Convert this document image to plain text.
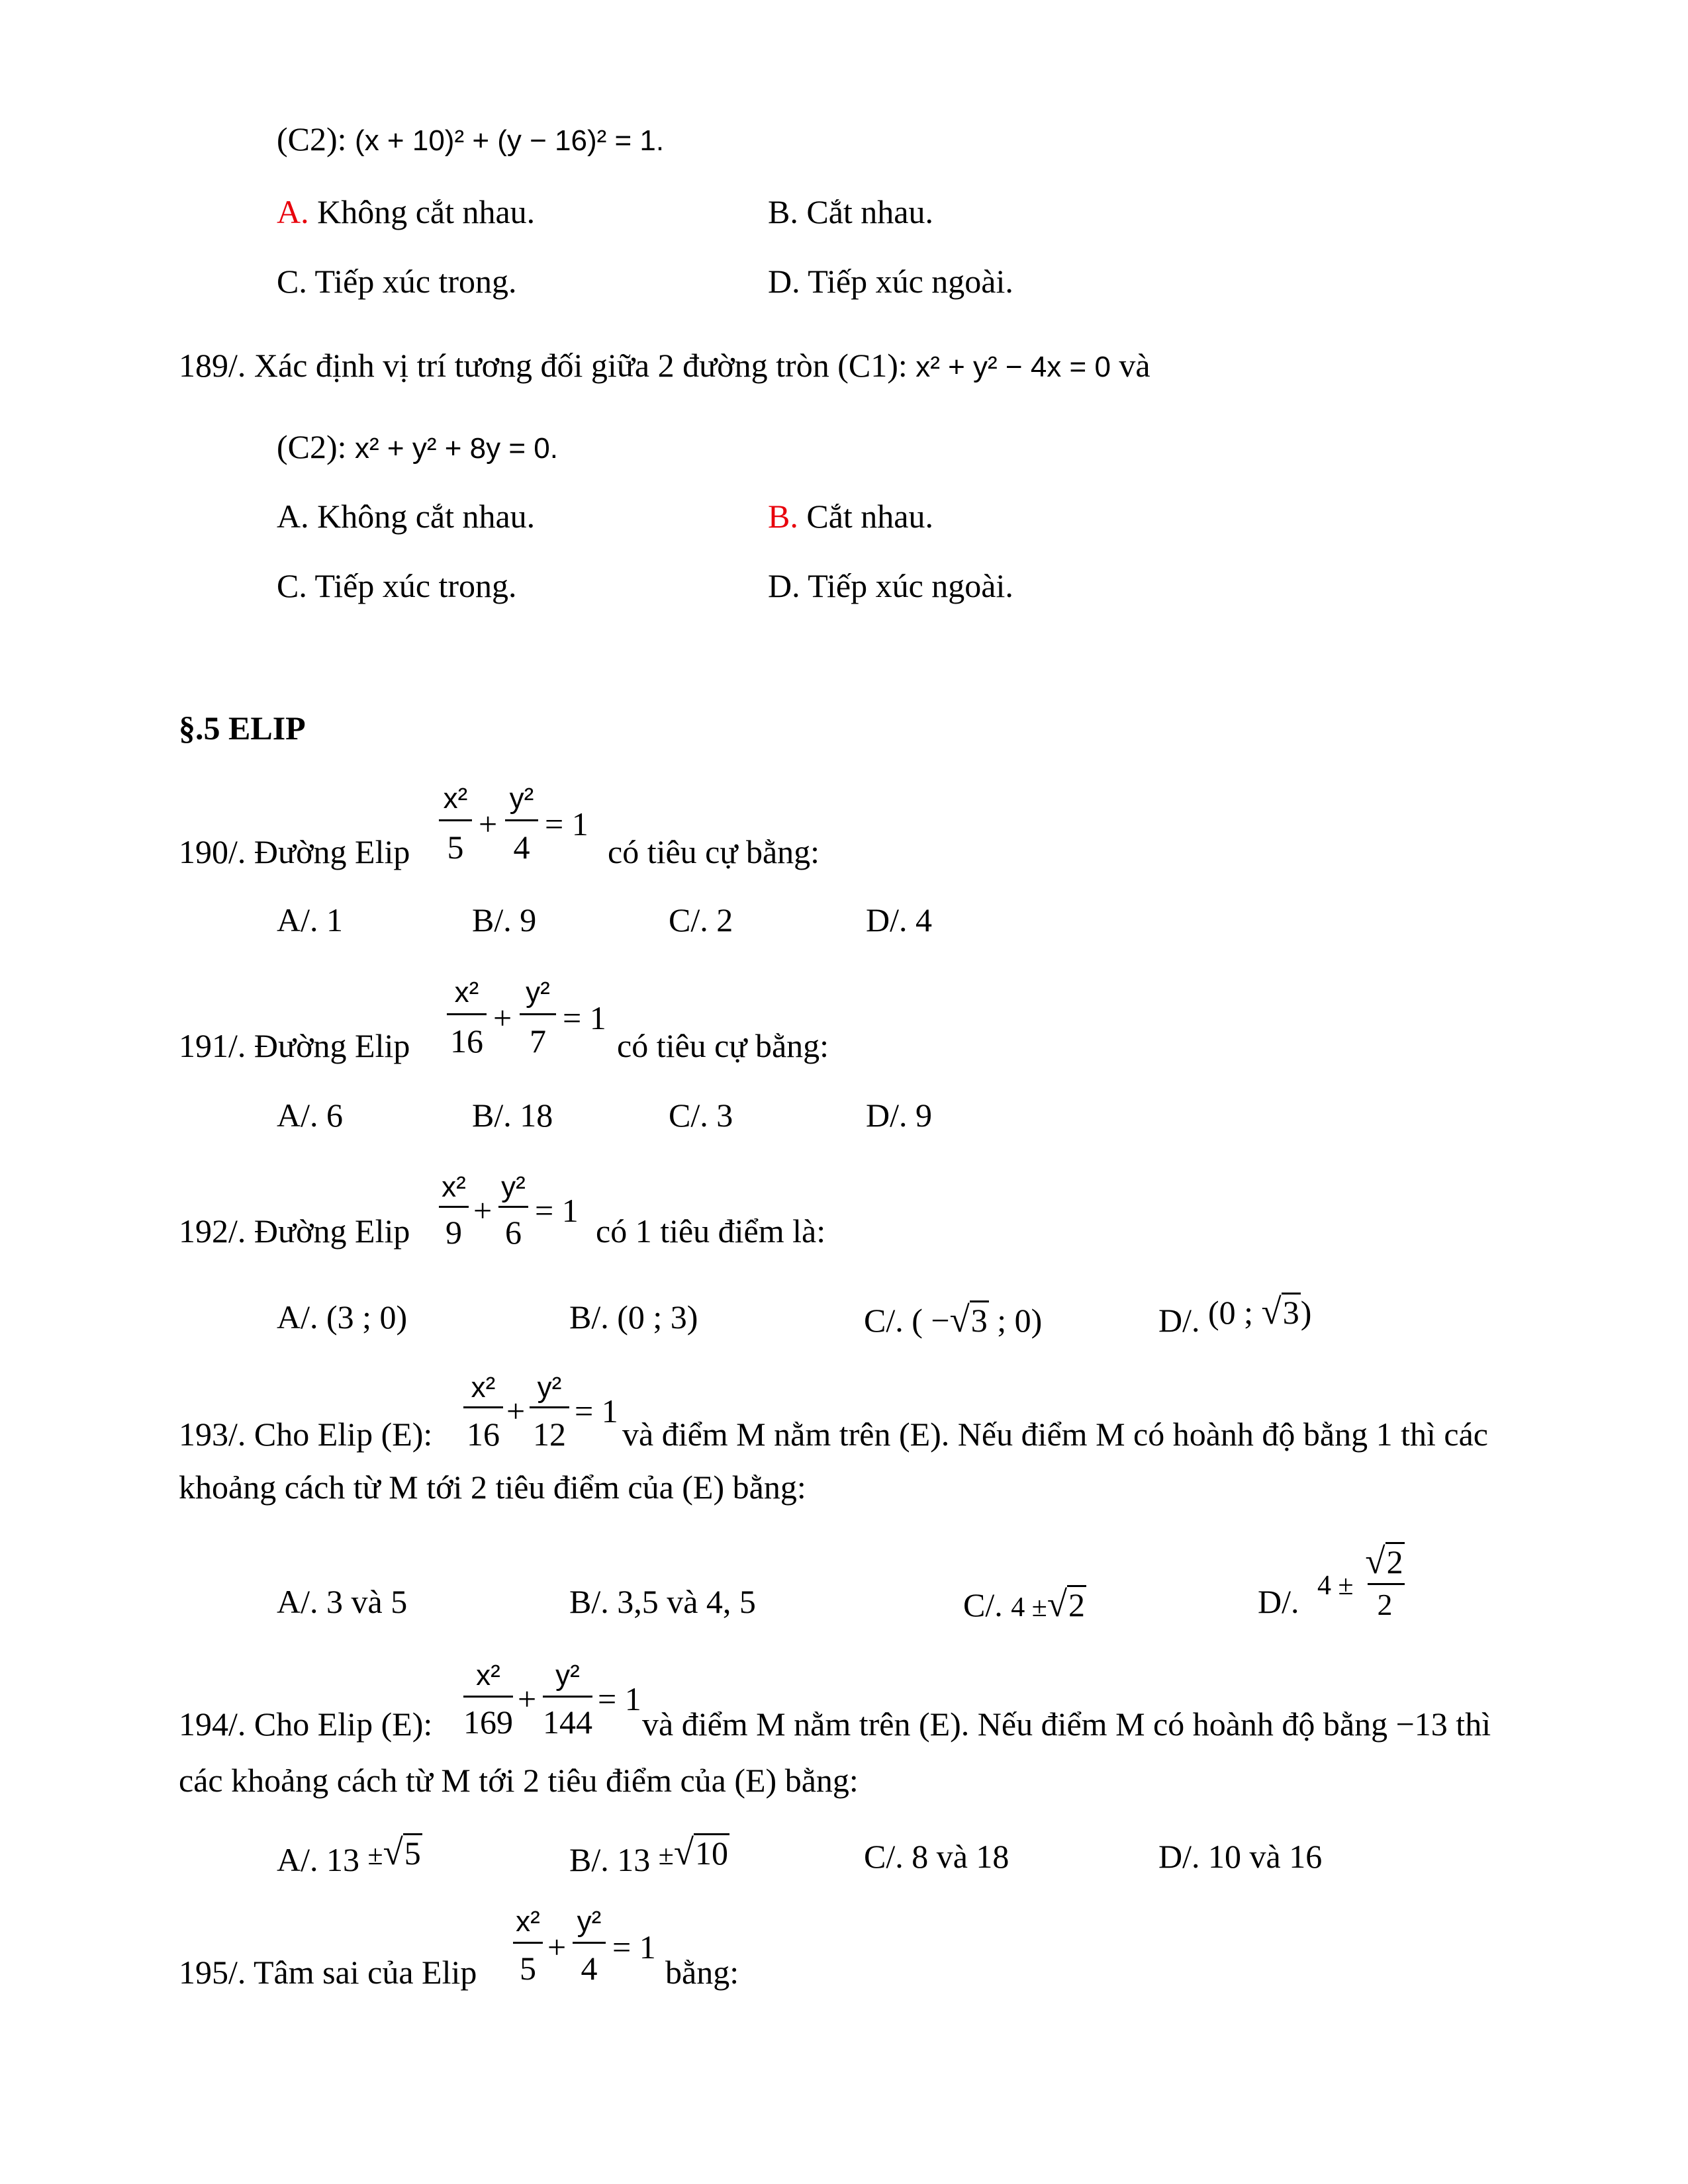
(C2): (x + 10)² + (y − 16)² = 1.
A. Không cắt nhau.	B. Cắt nhau.
C. Tiếp xúc trong.	D. Tiếp xúc ngoài.
189/. Xác định vị trí tương đối giữa 2 đường tròn (C1): x² + y² − 4x = 0 và
(C2): x² + y² + 8y = 0.
A. Không cắt nhau.	B. Cắt nhau.
C. Tiếp xúc trong.	D. Tiếp xúc ngoài.
§.5 ELIP
190/. Đường Elip
x²
5
+
y²
4
= 1
có tiêu cự bằng:
A/. 1	B/. 9	C/. 2	D/. 4
191/. Đường Elip
x²
16
+
y²
7
= 1
có tiêu cự bằng:
A/. 6	B/. 18	C/. 3	D/. 9
192/. Đường Elip
x²
9
+
y²
6
= 1
có 1 tiêu điểm là:
A/. (3 ; 0)	B/. (0 ; 3)	C/. ( −√3 ; 0)	D/. (0 ; √3)
193/. Cho Elip (E):
x²
16
+
y²
12
= 1
và điểm M nằm trên (E). Nếu điểm M có hoành độ bằng 1 thì các
khoảng cách từ M tới 2 tiêu điểm của (E) bằng:
A/. 3 và 5	B/. 3,5 và 4, 5	C/. 4 ±√2	D/. 4 ±
√2
2
194/. Cho Elip (E):
x²
169
+
y²
144
= 1
và điểm M nằm trên (E). Nếu điểm M có hoành độ bằng −13 thì
các khoảng cách từ M tới 2 tiêu điểm của (E) bằng:
A/. 13 ±√5	B/. 13 ±√10	C/. 8 và 18	D/. 10 và 16
195/. Tâm sai của Elip
x²
5
+
y²
4
= 1
bằng:
